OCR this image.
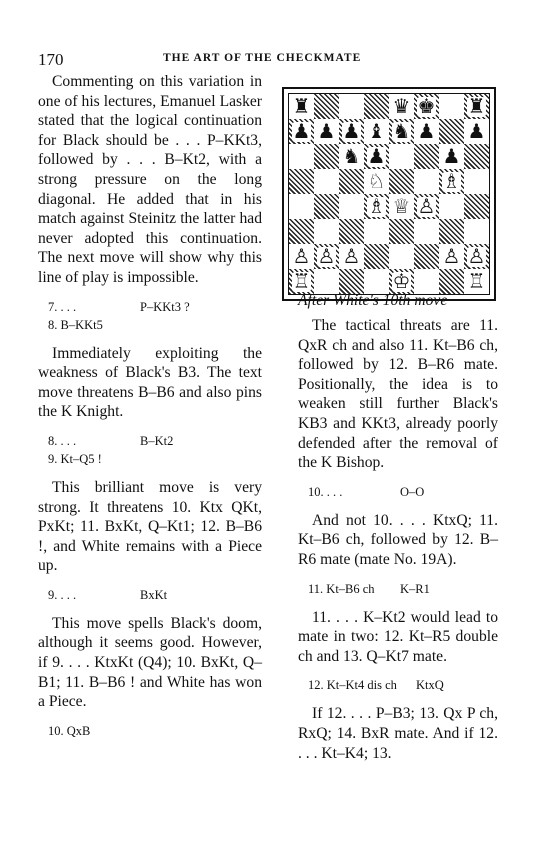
170	THE ART OF THE CHECKMATE

Commenting on this variation in one of his lectures, Emanuel Lasker stated that the logical continuation for Black should be . . . P–KKt3, followed by . . . B–Kt2, with a strong pressure on the long diagonal. He added that in his match against Steinitz the latter had never adopted this continuation. The next move will show why this line of play is impossible.

7. . . .	P–KKt3 ?
8. B–KKt5

Immediately exploiting the weakness of Black's B3. The text move threatens B–B6 and also pins the K Knight.

8. . . .	B–Kt2
9. Kt–Q5 !

This brilliant move is very strong. It threatens 10. Ktx QKt, PxKt; 11. BxKt, Q–Kt1; 12. B–B6 !, and White remains with a Piece up.

9. . . .	BxKt

This move spells Black's doom, although it seems good. However, if 9. . . . KtxKt (Q4); 10. BxKt, Q–B1; 11. B–B6 ! and White has won a Piece.

10. QxB
♜	♛ ♚ ♜
♟ ♟ ♟ ♝ ♞ ♟ ♟
♞ ♟	♟
♘	♗
♗ ♕ ♙
♙ ♙ ♙	♙ ♙
♖	♔	♖
After White's 10th move

The tactical threats are 11. QxR ch and also 11. Kt–B6 ch, followed by 12. B–R6 mate. Positionally, the idea is to weaken still further Black's KB3 and KKt3, already poorly defended after the removal of the K Bishop.

10. . . .	O–O

And not 10. . . . KtxQ; 11. Kt–B6 ch, followed by 12. B–R6 mate (mate No. 19A).

11. Kt–B6 ch	K–R1

11. . . . K–Kt2 would lead to mate in two: 12. Kt–R5 double ch and 13. Q–Kt7 mate.

12. Kt–Kt4 dis ch	KtxQ

If 12. . . . P–B3; 13. Qx P ch, RxQ; 14. BxR mate. And if 12. . . . Kt–K4; 13.
